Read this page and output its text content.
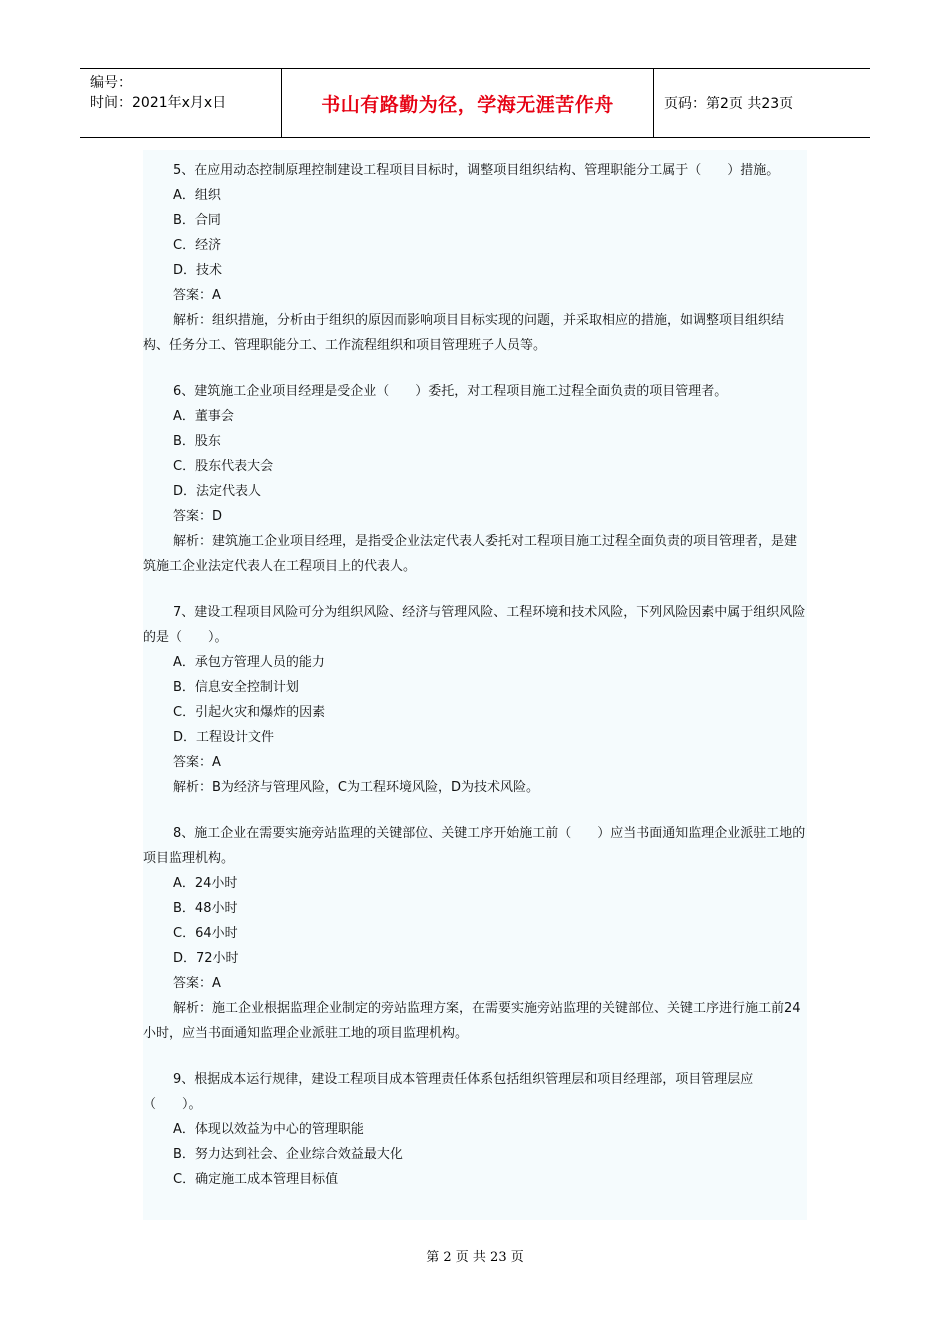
编号：
时间：2021年x月x日	书山有路勤为径，学海无涯苦作舟	页码：第2页 共23页

5、在应用动态控制原理控制建设工程项目目标时，调整项目组织结构、管理职能分工属于（　　）措施。

A．组织

B．合同

C．经济

D．技术

答案：A

解析：组织措施，分析由于组织的原因而影响项目目标实现的问题，并采取相应的措施，如调整项目组织结构、任务分工、管理职能分工、工作流程组织和项目管理班子人员等。

6、建筑施工企业项目经理是受企业（　　）委托，对工程项目施工过程全面负责的项目管理者。

A．董事会

B．股东

C．股东代表大会

D．法定代表人

答案：D

解析：建筑施工企业项目经理，是指受企业法定代表人委托对工程项目施工过程全面负责的项目管理者，是建筑施工企业法定代表人在工程项目上的代表人。

7、建设工程项目风险可分为组织风险、经济与管理风险、工程环境和技术风险，下列风险因素中属于组织风险的是（　　）。

A．承包方管理人员的能力

B．信息安全控制计划

C．引起火灾和爆炸的因素

D．工程设计文件

答案：A

解析：B为经济与管理风险，C为工程环境风险，D为技术风险。

8、施工企业在需要实施旁站监理的关键部位、关键工序开始施工前（　　）应当书面通知监理企业派驻工地的项目监理机构。

A．24小时

B．48小时

C．64小时

D．72小时

答案：A

解析：施工企业根据监理企业制定的旁站监理方案，在需要实施旁站监理的关键部位、关键工序进行施工前24小时，应当书面通知监理企业派驻工地的项目监理机构。

9、根据成本运行规律，建设工程项目成本管理责任体系包括组织管理层和项目经理部，项目管理层应（　　）。

A．体现以效益为中心的管理职能

B．努力达到社会、企业综合效益最大化

C．确定施工成本管理目标值

第 2 页 共 23 页
